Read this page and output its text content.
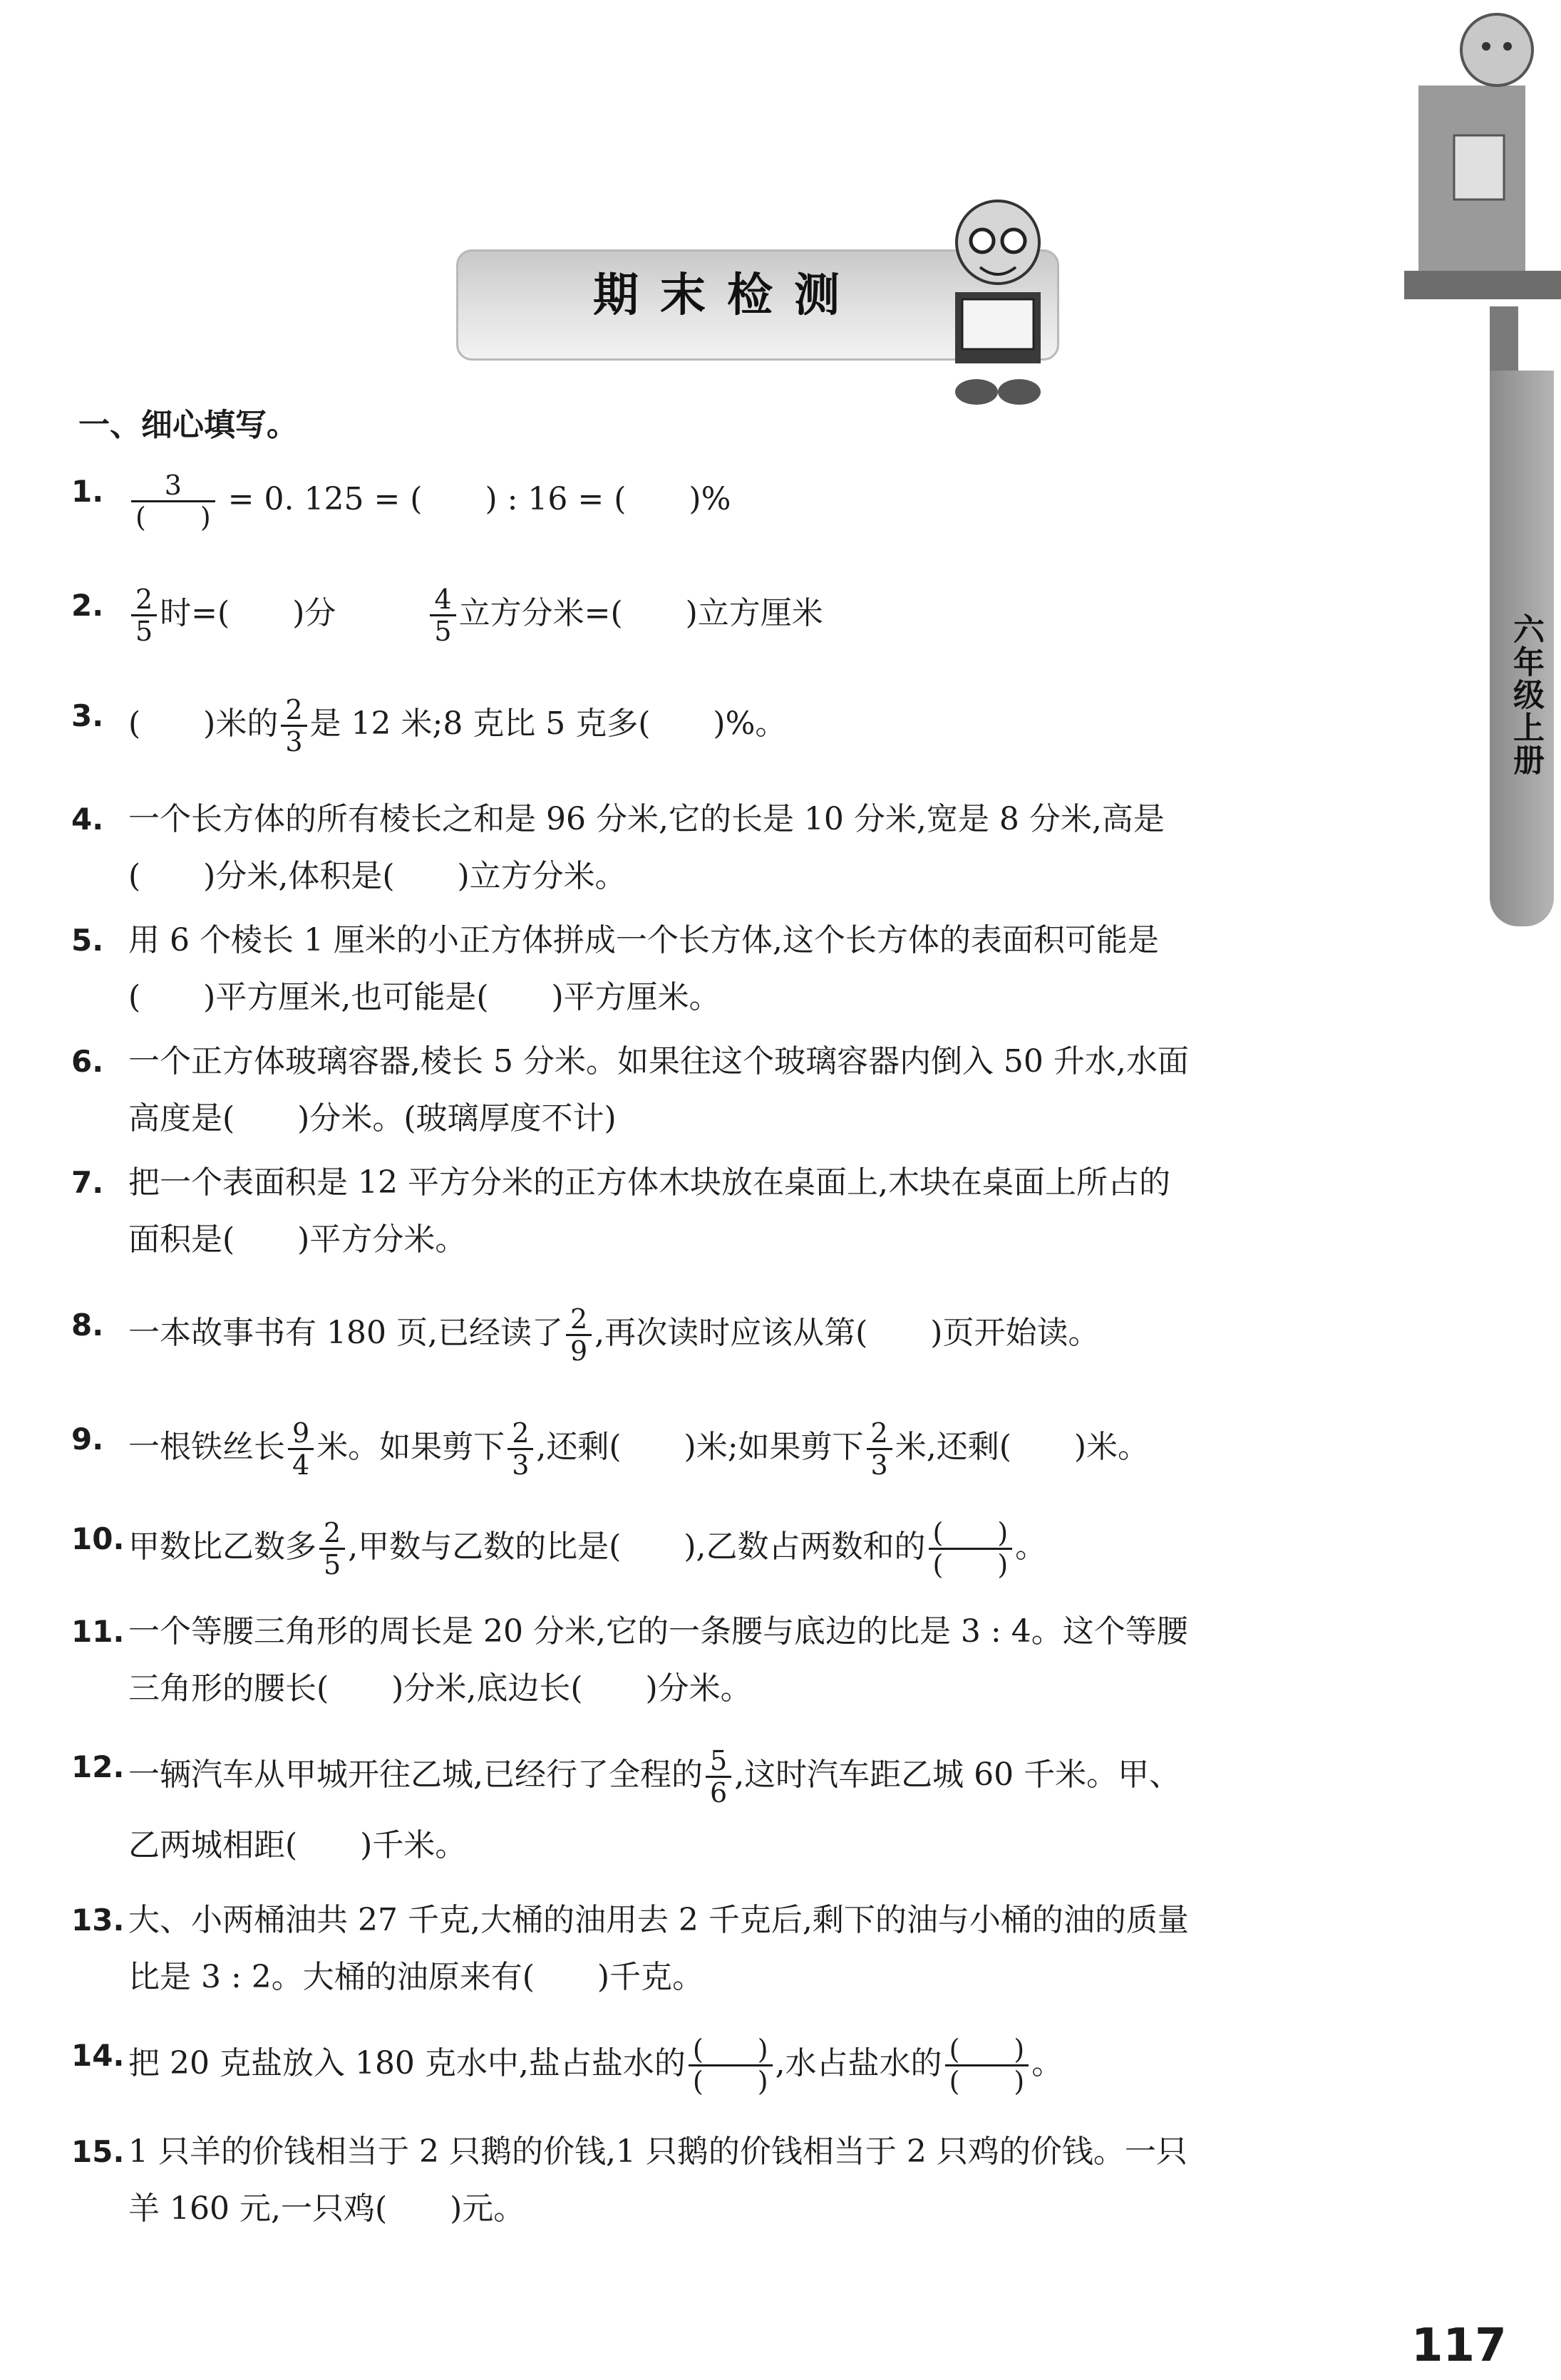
期末检测
六年级上册
一、细心填写。
1.	$\frac{3}{( )} = 0$. 125 = (　　) : 16 = (　　)%
2.	$\frac{2}{5}$ 时=(　　)分	$\frac{4}{5}$ 立方分米=(　　)立方厘米
3. (　　)米的 $\frac{2}{3}$ 是 12 米;8 克比 5 克多(　　)%。
4. 一个长方体的所有棱长之和是 96 分米,它的长是 10 分米,宽是 8 分米,高是
(　　)分米,体积是(　　)立方分米。
5. 用 6 个棱长 1 厘米的小正方体拼成一个长方体,这个长方体的表面积可能是
(　　)平方厘米,也可能是(　　)平方厘米。
6. 一个正方体玻璃容器,棱长 5 分米。如果往这个玻璃容器内倒入 50 升水,水面
高度是(　　)分米。(玻璃厚度不计)
7. 把一个表面积是 12 平方分米的正方体木块放在桌面上,木块在桌面上所占的
面积是(　　)平方分米。
8. 一本故事书有 180 页,已经读了 $\frac{2}{9}$ ,再次读时应该从第(　　)页开始读。
9. 一根铁丝长 $\frac{9}{4}$ 米。如果剪下 $\frac{2}{3}$ ,还剩(　　)米;如果剪下 $\frac{2}{3}$ 米,还剩(　　)米。
10. 甲数比乙数多 $\frac{2}{5}$ ,甲数与乙数的比是(　　),乙数占两数和的 $\frac{( )}{( )}$ 。
11. 一个等腰三角形的周长是 20 分米,它的一条腰与底边的比是 3 : 4。这个等腰
三角形的腰长(　　)分米,底边长(　　)分米。
12. 一辆汽车从甲城开往乙城,已经行了全程的 $\frac{5}{6}$ ,这时汽车距乙城 60 千米。甲、
乙两城相距(　　)千米。
13. 大、小两桶油共 27 千克,大桶的油用去 2 千克后,剩下的油与小桶的油的质量
比是 3 : 2。大桶的油原来有(　　)千克。
14. 把 20 克盐放入 180 克水中,盐占盐水的 $\frac{( )}{( )}$ ,水占盐水的 $\frac{( )}{( )}$ 。
15. 1 只羊的价钱相当于 2 只鹅的价钱,1 只鹅的价钱相当于 2 只鸡的价钱。一只
羊 160 元,一只鸡(　　)元。
117
